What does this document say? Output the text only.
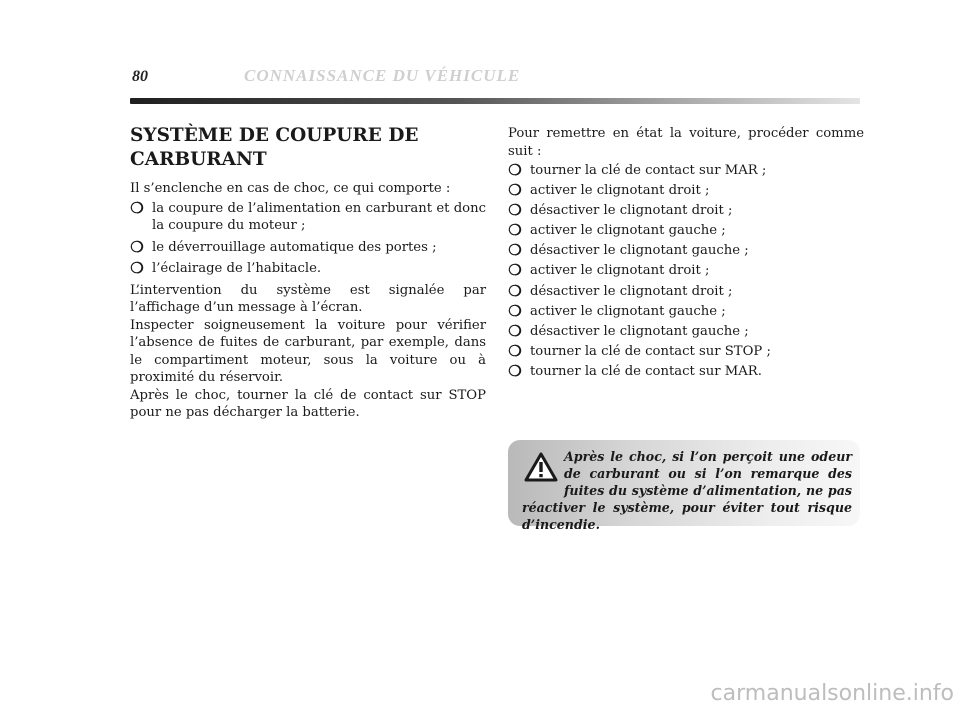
80	CONNAISSANCE DU VÉHICULE
SYSTÈME DE COUPURE DE CARBURANT

Il s’enclenche en cas de choc, ce qui comporte :

❍ la coupure de l’alimentation en carburant et donc la coupure du moteur ;
❍ le déverrouillage automatique des portes ;
❍ l’éclairage de l’habitacle.

L’intervention du système est signalée par l’affichage d’un message à l’écran.

Inspecter soigneusement la voiture pour vérifier l’absence de fuites de carburant, par exemple, dans le compartiment moteur, sous la voiture ou à proximité du réservoir.

Après le choc, tourner la clé de contact sur STOP pour ne pas décharger la batterie.

Pour remettre en état la voiture, procéder comme suit :

❍ tourner la clé de contact sur MAR ;
❍ activer le clignotant droit ;
❍ désactiver le clignotant droit ;
❍ activer le clignotant gauche ;
❍ désactiver le clignotant gauche ;
❍ activer le clignotant droit ;
❍ désactiver le clignotant droit ;
❍ activer le clignotant gauche ;
❍ désactiver le clignotant gauche ;
❍ tourner la clé de contact sur STOP ;
❍ tourner la clé de contact sur MAR.
Après le choc, si l’on perçoit une odeur de carburant ou si l’on remarque des fuites du système d’alimentation, ne pas réactiver le système, pour éviter tout risque d’incendie.
carmanualsonline.info
